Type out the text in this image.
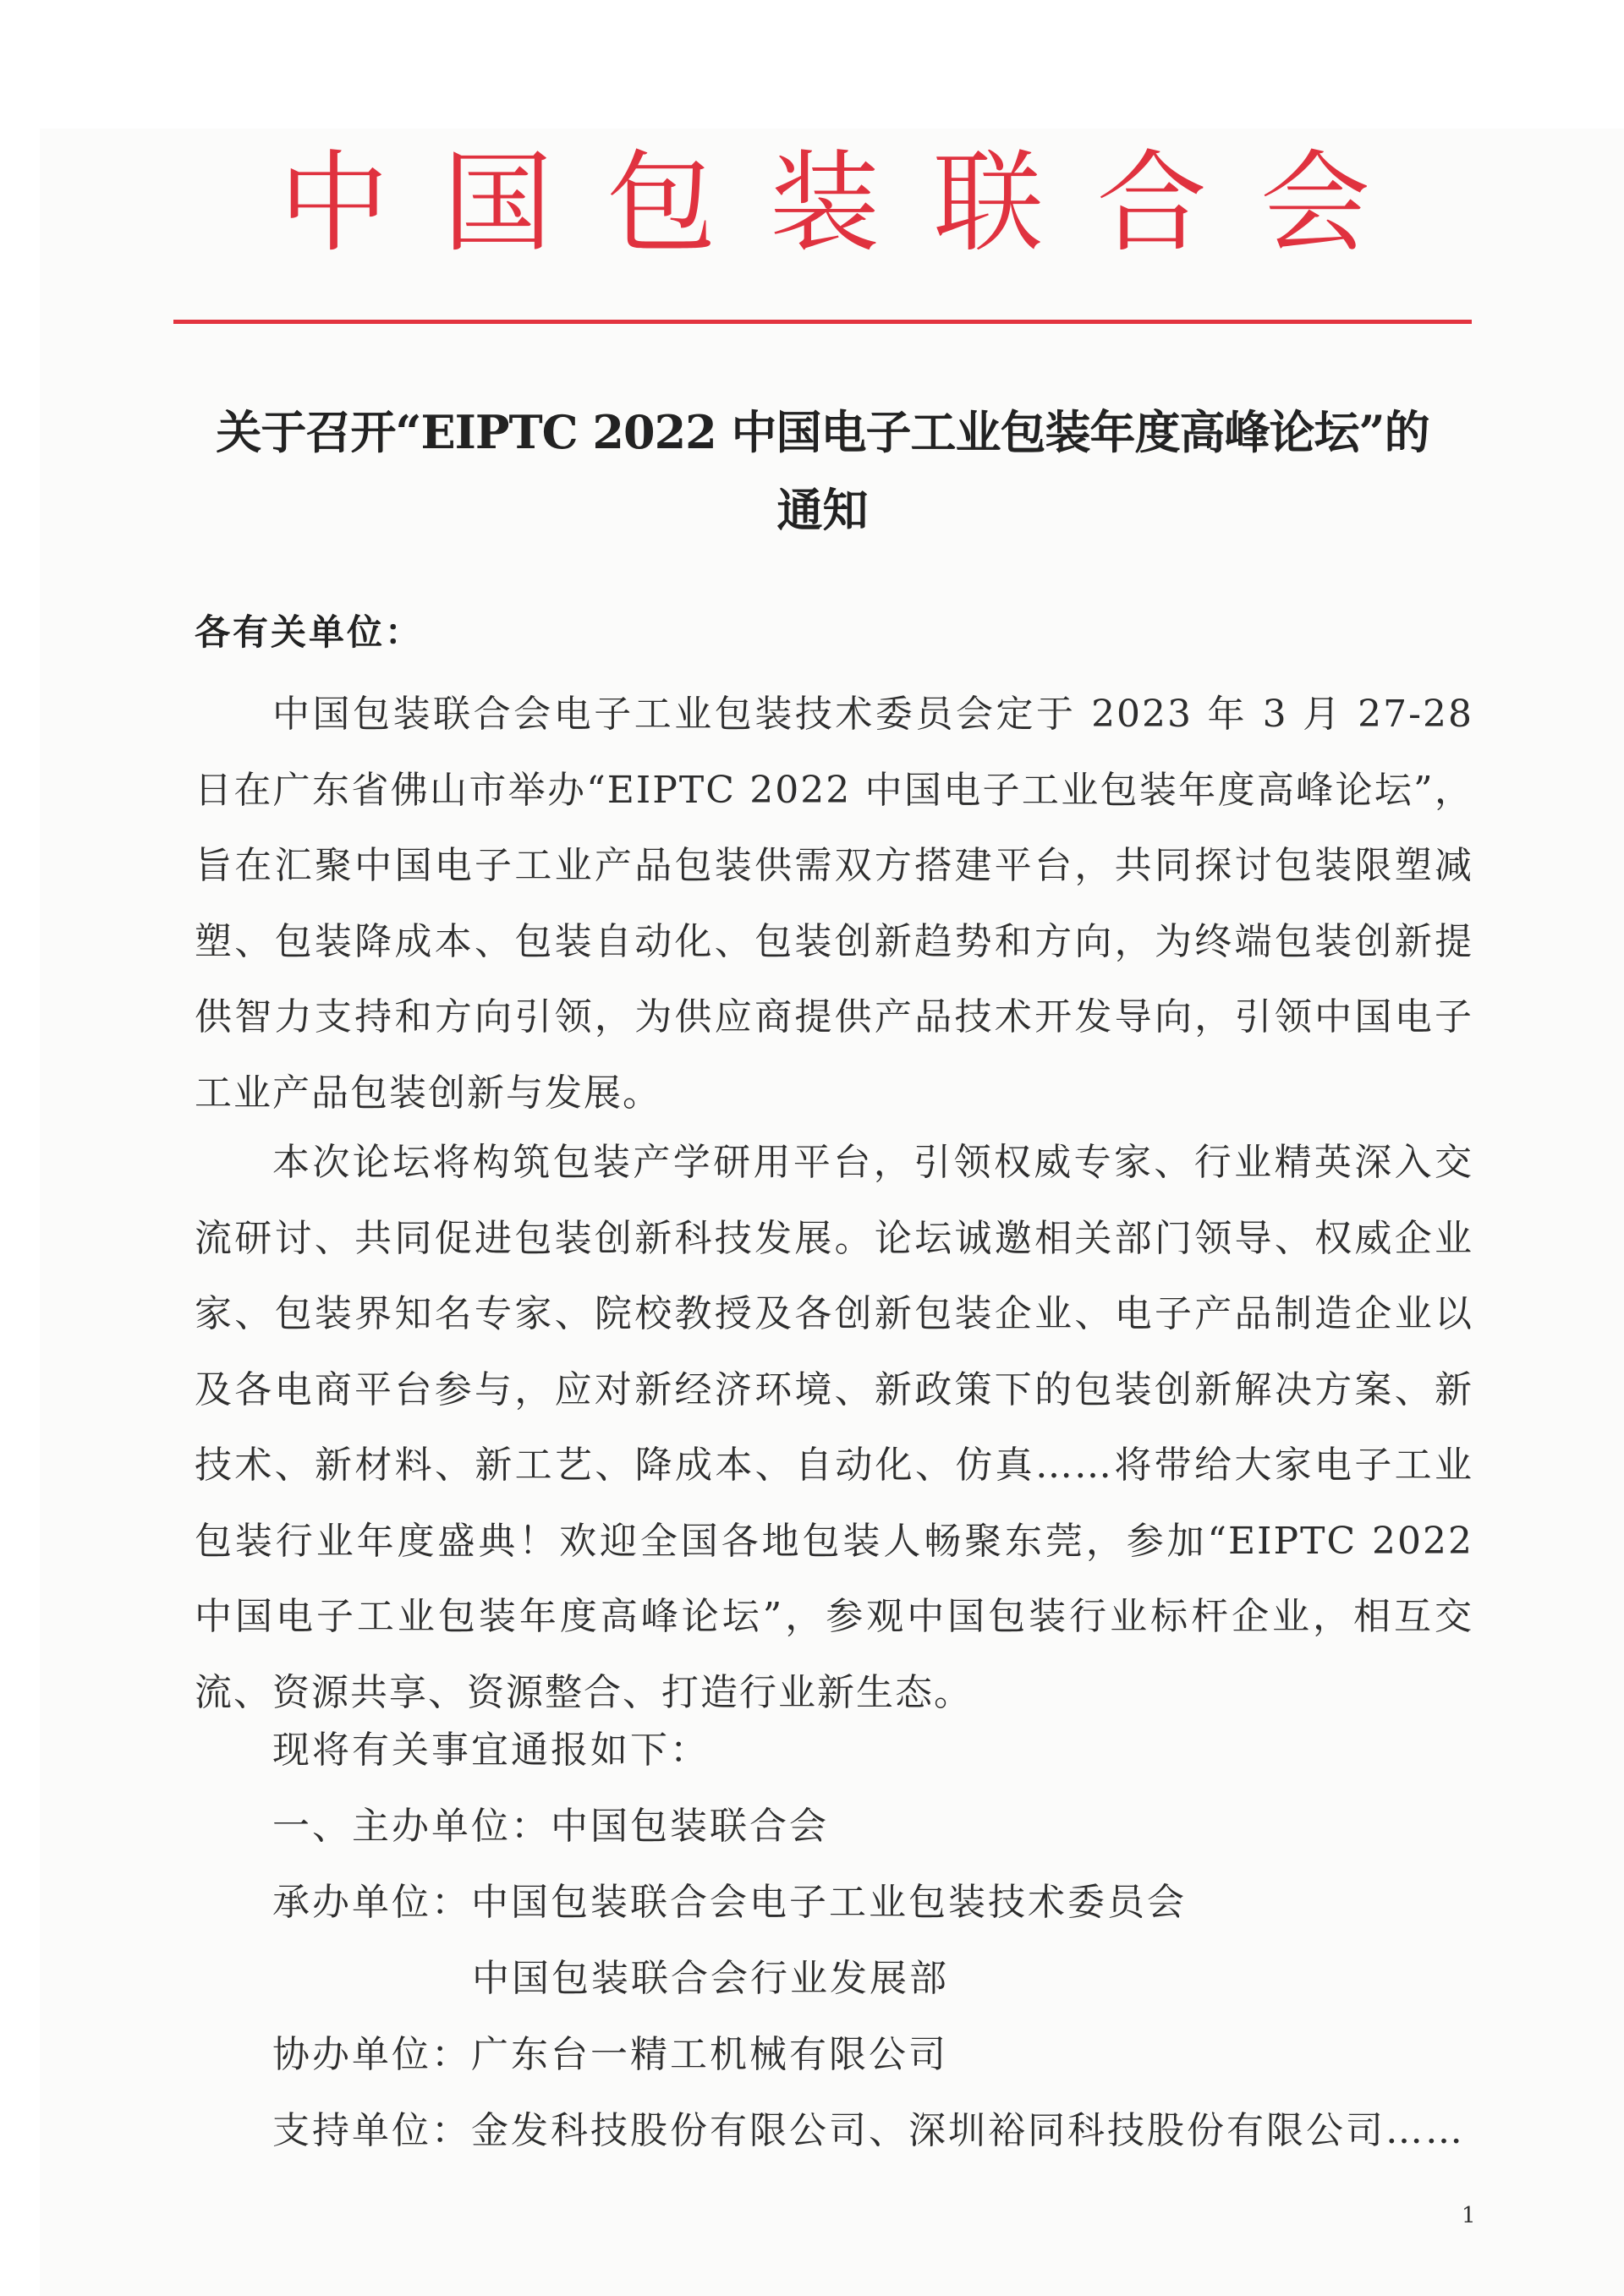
中 国 包 装 联 合 会
关于召开“EIPTC 2022 中国电子工业包装年度高峰论坛”的
通知
各有关单位：

中国包装联合会电子工业包装技术委员会定于 2023 年 3 月 27-28 日在广东省佛山市举办“EIPTC 2022 中国电子工业包装年度高峰论坛”，旨在汇聚中国电子工业产品包装供需双方搭建平台，共同探讨包装限塑减塑、包装降成本、包装自动化、包装创新趋势和方向，为终端包装创新提供智力支持和方向引领，为供应商提供产品技术开发导向，引领中国电子工业产品包装创新与发展。

本次论坛将构筑包装产学研用平台，引领权威专家、行业精英深入交流研讨、共同促进包装创新科技发展。论坛诚邀相关部门领导、权威企业家、包装界知名专家、院校教授及各创新包装企业、电子产品制造企业以及各电商平台参与，应对新经济环境、新政策下的包装创新解决方案、新技术、新材料、新工艺、降成本、自动化、仿真……将带给大家电子工业包装行业年度盛典！欢迎全国各地包装人畅聚东莞，参加“EIPTC 2022 中国电子工业包装年度高峰论坛”，参观中国包装行业标杆企业，相互交流、资源共享、资源整合、打造行业新生态。

现将有关事宜通报如下：
一、主办单位：中国包装联合会
承办单位：中国包装联合会电子工业包装技术委员会
中国包装联合会行业发展部
协办单位：广东台一精工机械有限公司
支持单位：金发科技股份有限公司、深圳裕同科技股份有限公司……
1
